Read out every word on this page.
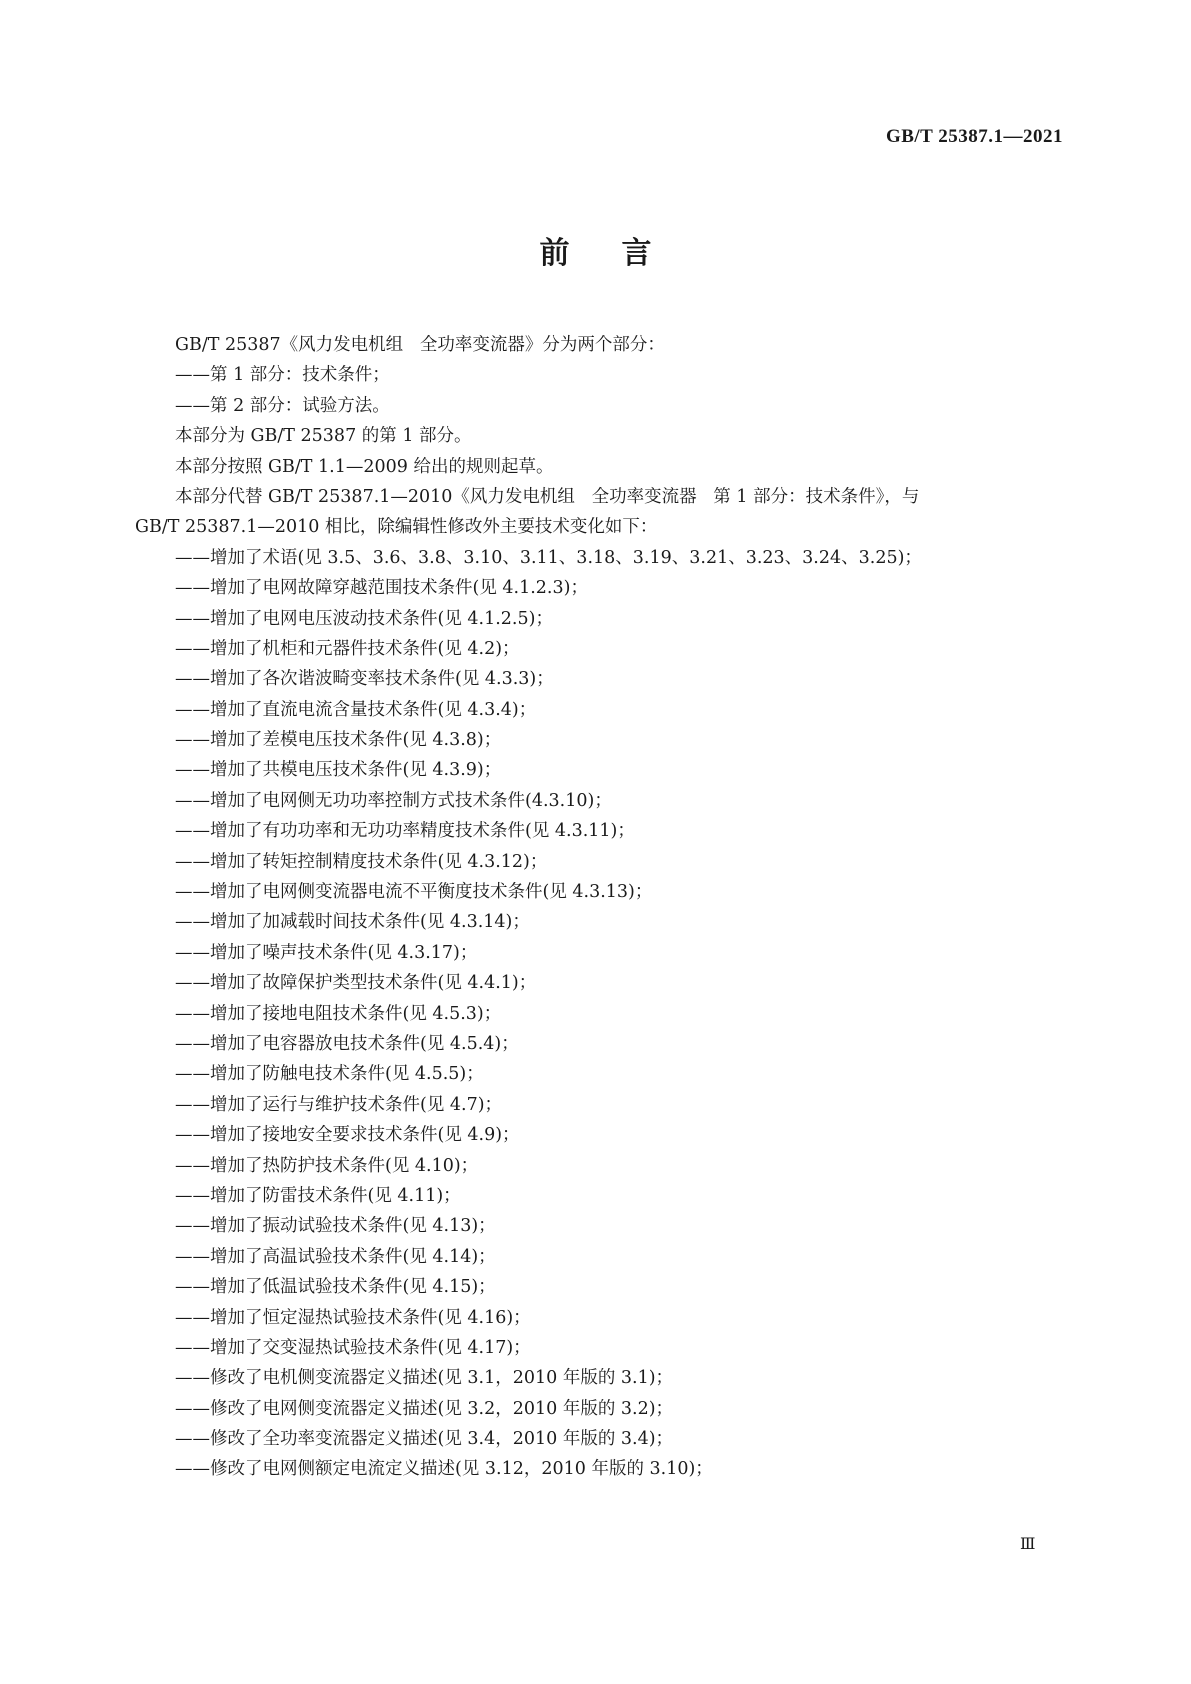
GB/T 25387.1—2021
前言
GB/T 25387《风力发电机组   全功率变流器》分为两个部分：
——第 1 部分：技术条件；
——第 2 部分：试验方法。
本部分为 GB/T 25387 的第 1 部分。
本部分按照 GB/T 1.1—2009 给出的规则起草。
本部分代替 GB/T 25387.1—2010《风力发电机组   全功率变流器   第 1 部分：技术条件》，与
GB/T 25387.1—2010 相比，除编辑性修改外主要技术变化如下：
——增加了术语(见 3.5、3.6、3.8、3.10、3.11、3.18、3.19、3.21、3.23、3.24、3.25)；
——增加了电网故障穿越范围技术条件(见 4.1.2.3)；
——增加了电网电压波动技术条件(见 4.1.2.5)；
——增加了机柜和元器件技术条件(见 4.2)；
——增加了各次谐波畸变率技术条件(见 4.3.3)；
——增加了直流电流含量技术条件(见 4.3.4)；
——增加了差模电压技术条件(见 4.3.8)；
——增加了共模电压技术条件(见 4.3.9)；
——增加了电网侧无功功率控制方式技术条件(4.3.10)；
——增加了有功功率和无功功率精度技术条件(见 4.3.11)；
——增加了转矩控制精度技术条件(见 4.3.12)；
——增加了电网侧变流器电流不平衡度技术条件(见 4.3.13)；
——增加了加减载时间技术条件(见 4.3.14)；
——增加了噪声技术条件(见 4.3.17)；
——增加了故障保护类型技术条件(见 4.4.1)；
——增加了接地电阻技术条件(见 4.5.3)；
——增加了电容器放电技术条件(见 4.5.4)；
——增加了防触电技术条件(见 4.5.5)；
——增加了运行与维护技术条件(见 4.7)；
——增加了接地安全要求技术条件(见 4.9)；
——增加了热防护技术条件(见 4.10)；
——增加了防雷技术条件(见 4.11)；
——增加了振动试验技术条件(见 4.13)；
——增加了高温试验技术条件(见 4.14)；
——增加了低温试验技术条件(见 4.15)；
——增加了恒定湿热试验技术条件(见 4.16)；
——增加了交变湿热试验技术条件(见 4.17)；
——修改了电机侧变流器定义描述(见 3.1，2010 年版的 3.1)；
——修改了电网侧变流器定义描述(见 3.2，2010 年版的 3.2)；
——修改了全功率变流器定义描述(见 3.4，2010 年版的 3.4)；
——修改了电网侧额定电流定义描述(见 3.12，2010 年版的 3.10)；
Ⅲ
